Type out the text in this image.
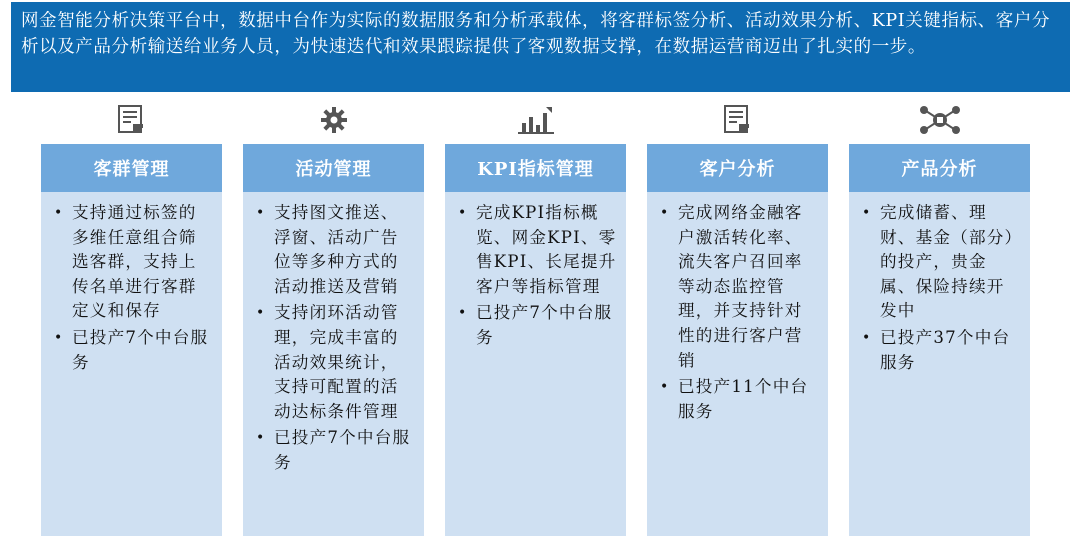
网金智能分析决策平台中，数据中台作为实际的数据服务和分析承载体，将客群标签分析、活动效果分析、KPI关键指标、客户分析以及产品分析输送给业务人员，为快速迭代和效果跟踪提供了客观数据支撑，在数据运营商迈出了扎实的一步。
客群管理
• 支持通过标签的多维任意组合筛选客群，支持上传名单进行客群定义和保存
• 已投产7个中台服务
活动管理
• 支持图文推送、浮窗、活动广告位等多种方式的活动推送及营销
• 支持闭环活动管理，完成丰富的活动效果统计，支持可配置的活动达标条件管理
• 已投产7个中台服务
KPI指标管理
• 完成KPI指标概览、网金KPI、零售KPI、长尾提升客户等指标管理
• 已投产7个中台服务
客户分析
• 完成网络金融客户激活转化率、流失客户召回率等动态监控管理，并支持针对性的进行客户营销
• 已投产11个中台服务
产品分析
• 完成储蓄、理财、基金（部分）的投产，贵金属、保险持续开发中
• 已投产37个中台服务
